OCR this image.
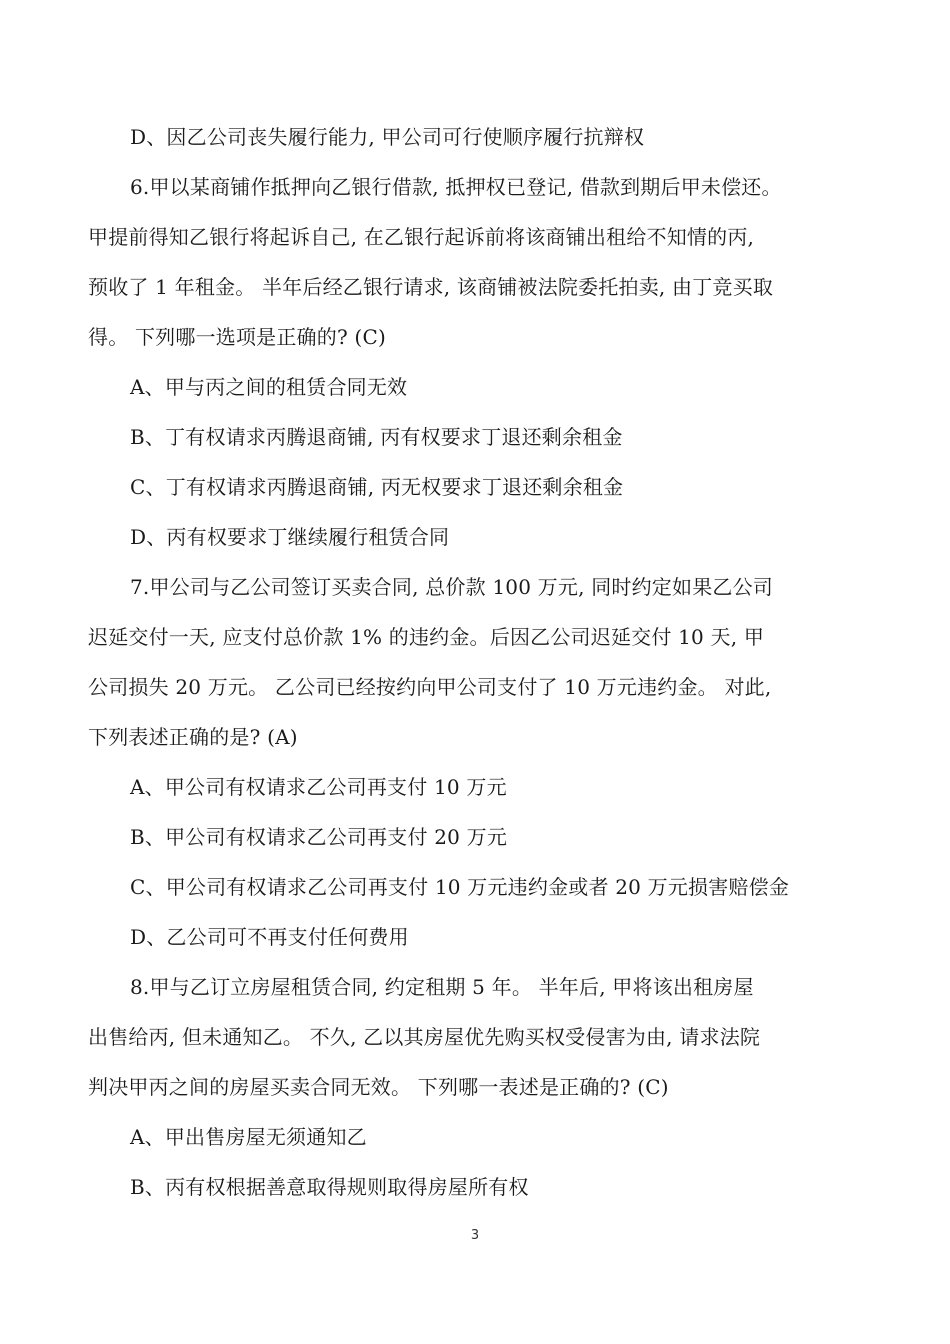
D、因乙公司丧失履行能力, 甲公司可行使顺序履行抗辩权
6.甲以某商铺作抵押向乙银行借款, 抵押权已登记, 借款到期后甲未偿还。
甲提前得知乙银行将起诉自己, 在乙银行起诉前将该商铺出租给不知情的丙,
预收了 1 年租金。 半年后经乙银行请求, 该商铺被法院委托拍卖, 由丁竞买取
得。 下列哪一选项是正确的? (C)
A、甲与丙之间的租赁合同无效
B、丁有权请求丙腾退商铺, 丙有权要求丁退还剩余租金
C、丁有权请求丙腾退商铺, 丙无权要求丁退还剩余租金
D、丙有权要求丁继续履行租赁合同
7.甲公司与乙公司签订买卖合同, 总价款 100 万元, 同时约定如果乙公司
迟延交付一天, 应支付总价款 1% 的违约金。后因乙公司迟延交付 10 天, 甲
公司损失 20 万元。 乙公司已经按约向甲公司支付了 10 万元违约金。 对此,
下列表述正确的是? (A)
A、甲公司有权请求乙公司再支付 10 万元
B、甲公司有权请求乙公司再支付 20 万元
C、甲公司有权请求乙公司再支付 10 万元违约金或者 20 万元损害赔偿金
D、乙公司可不再支付任何费用
8.甲与乙订立房屋租赁合同, 约定租期 5 年。 半年后, 甲将该出租房屋
出售给丙, 但未通知乙。 不久, 乙以其房屋优先购买权受侵害为由, 请求法院
判决甲丙之间的房屋买卖合同无效。 下列哪一表述是正确的? (C)
A、甲出售房屋无须通知乙
B、丙有权根据善意取得规则取得房屋所有权
3
